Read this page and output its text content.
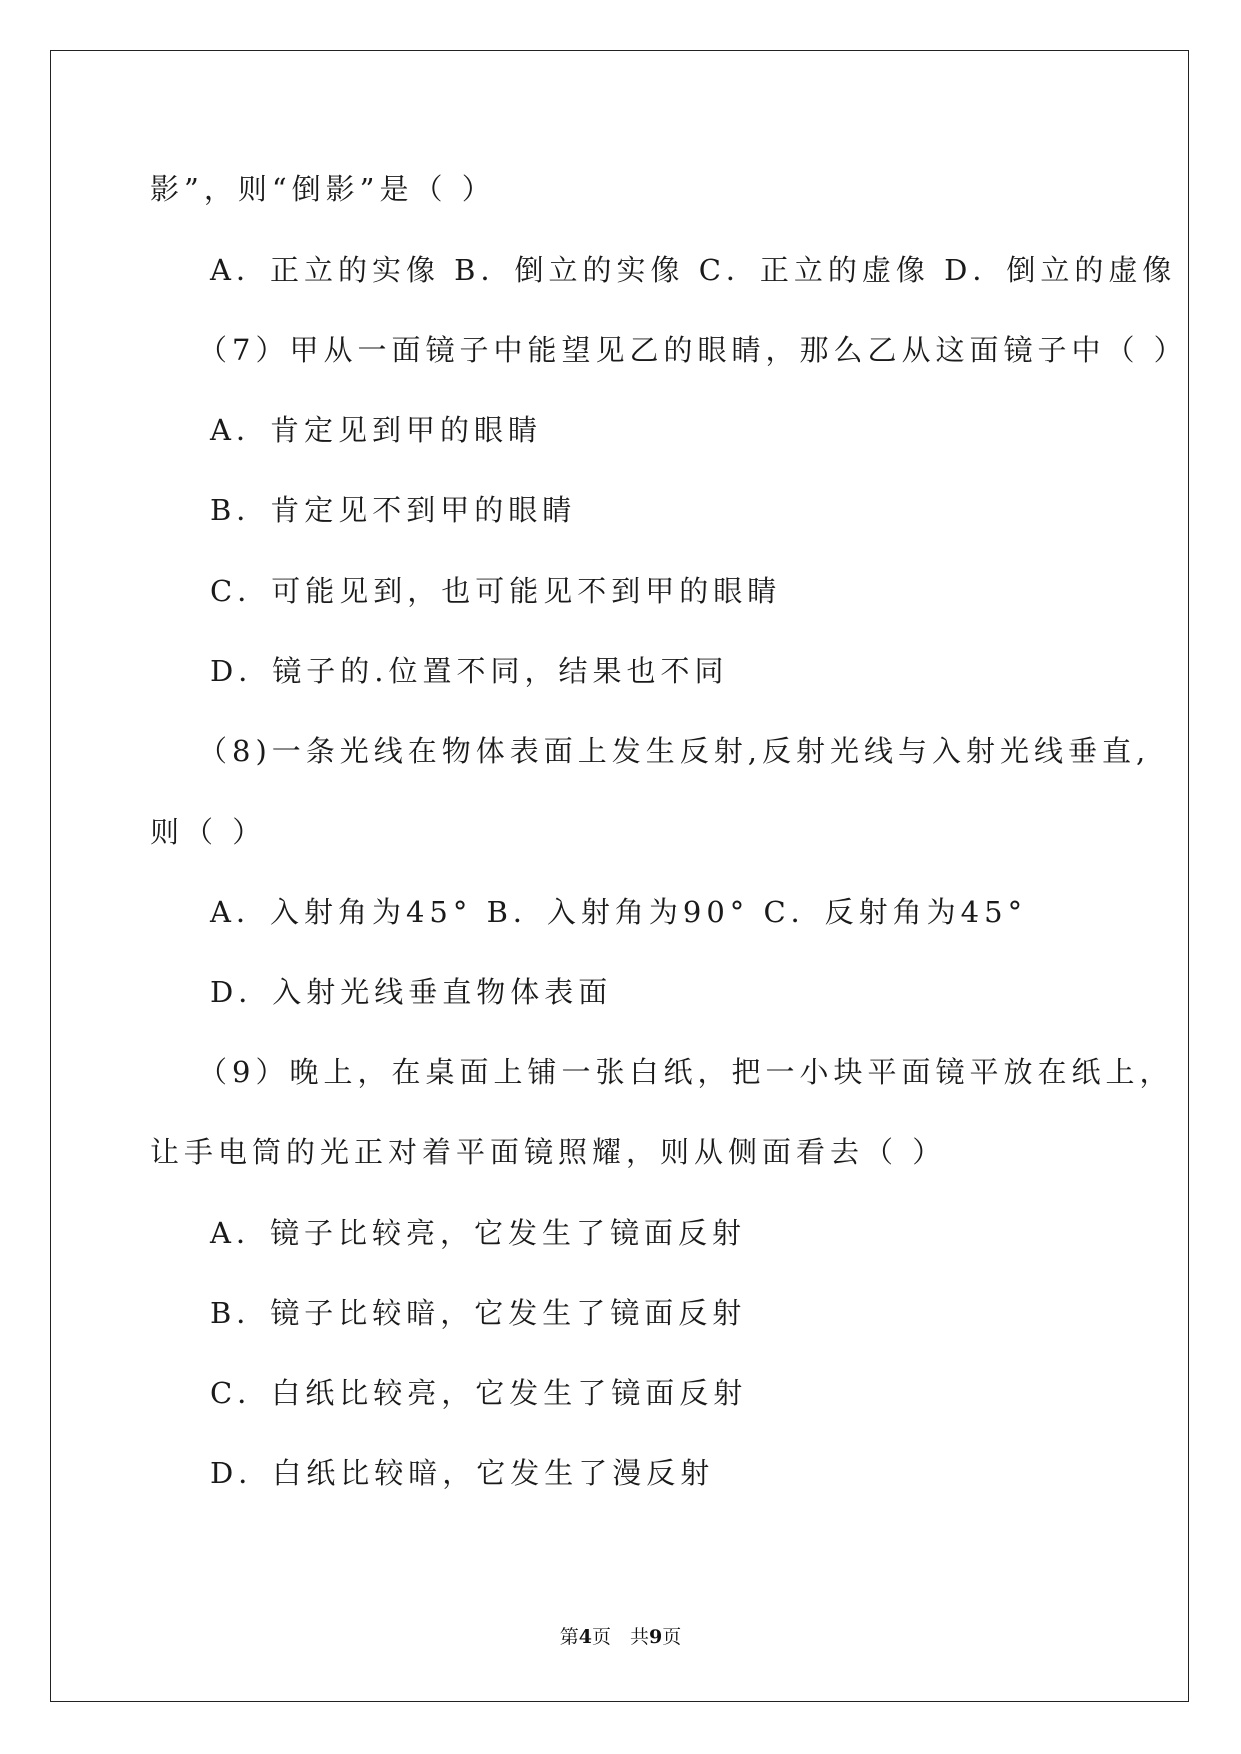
影”，则“倒影”是（ ）
A．正立的实像 B．倒立的实像 C．正立的虚像 D．倒立的虚像
（7）甲从一面镜子中能望见乙的眼睛，那么乙从这面镜子中（ ）
A．肯定见到甲的眼睛
B．肯定见不到甲的眼睛
C．可能见到，也可能见不到甲的眼睛
D．镜子的.位置不同，结果也不同
（8)一条光线在物体表面上发生反射,反射光线与入射光线垂直,
则（ ）
A．入射角为45° B．入射角为90° C．反射角为45°
D．入射光线垂直物体表面
（9）晚上，在桌面上铺一张白纸，把一小块平面镜平放在纸上，
让手电筒的光正对着平面镜照耀，则从侧面看去（ ）
A．镜子比较亮，它发生了镜面反射
B．镜子比较暗，它发生了镜面反射
C．白纸比较亮，它发生了镜面反射
D．白纸比较暗，它发生了漫反射
第4页　共9页
